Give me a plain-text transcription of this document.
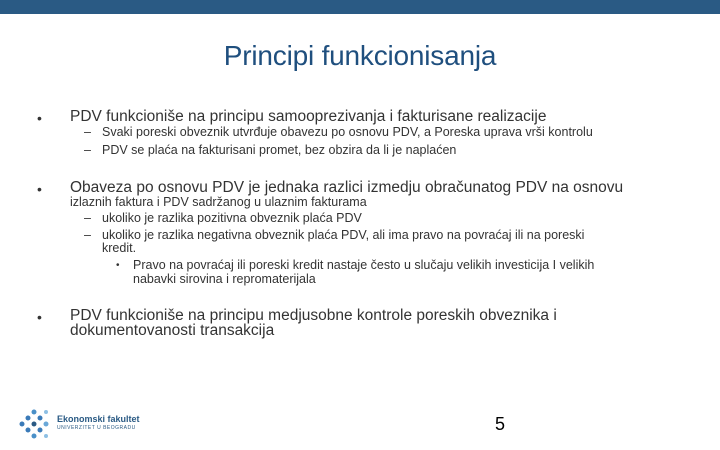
Principi funkcionisanja
• PDV funkcioniše na principu samooprezivanja i fakturisane realizacije
– Svaki poreski obveznik utvrđuje obavezu po osnovu PDV, a Poreska uprava vrši kontrolu
– PDV se plaća na fakturisani promet, bez obzira da li je naplaćen
• Obaveza po osnovu PDV je jednaka razlici izmedju obračunatog PDV na osnovu
izlaznih faktura i PDV sadržanog u ulaznim fakturama
– ukoliko je razlika pozitivna obveznik plaća PDV
– ukoliko je razlika negativna obveznik plaća PDV, ali ima pravo na povraćaj ili na poreski
kredit.
• Pravo na povraćaj ili poreski kredit nastaje često u slučaju velikih investicija I velikih
nabavki sirovina i repromaterijala
• PDV funkcioniše na principu medjusobne kontrole poreskih obveznika i
dokumentovanosti transakcija
Ekonomski fakultet
UNIVERZITET U BEOGRADU	5
